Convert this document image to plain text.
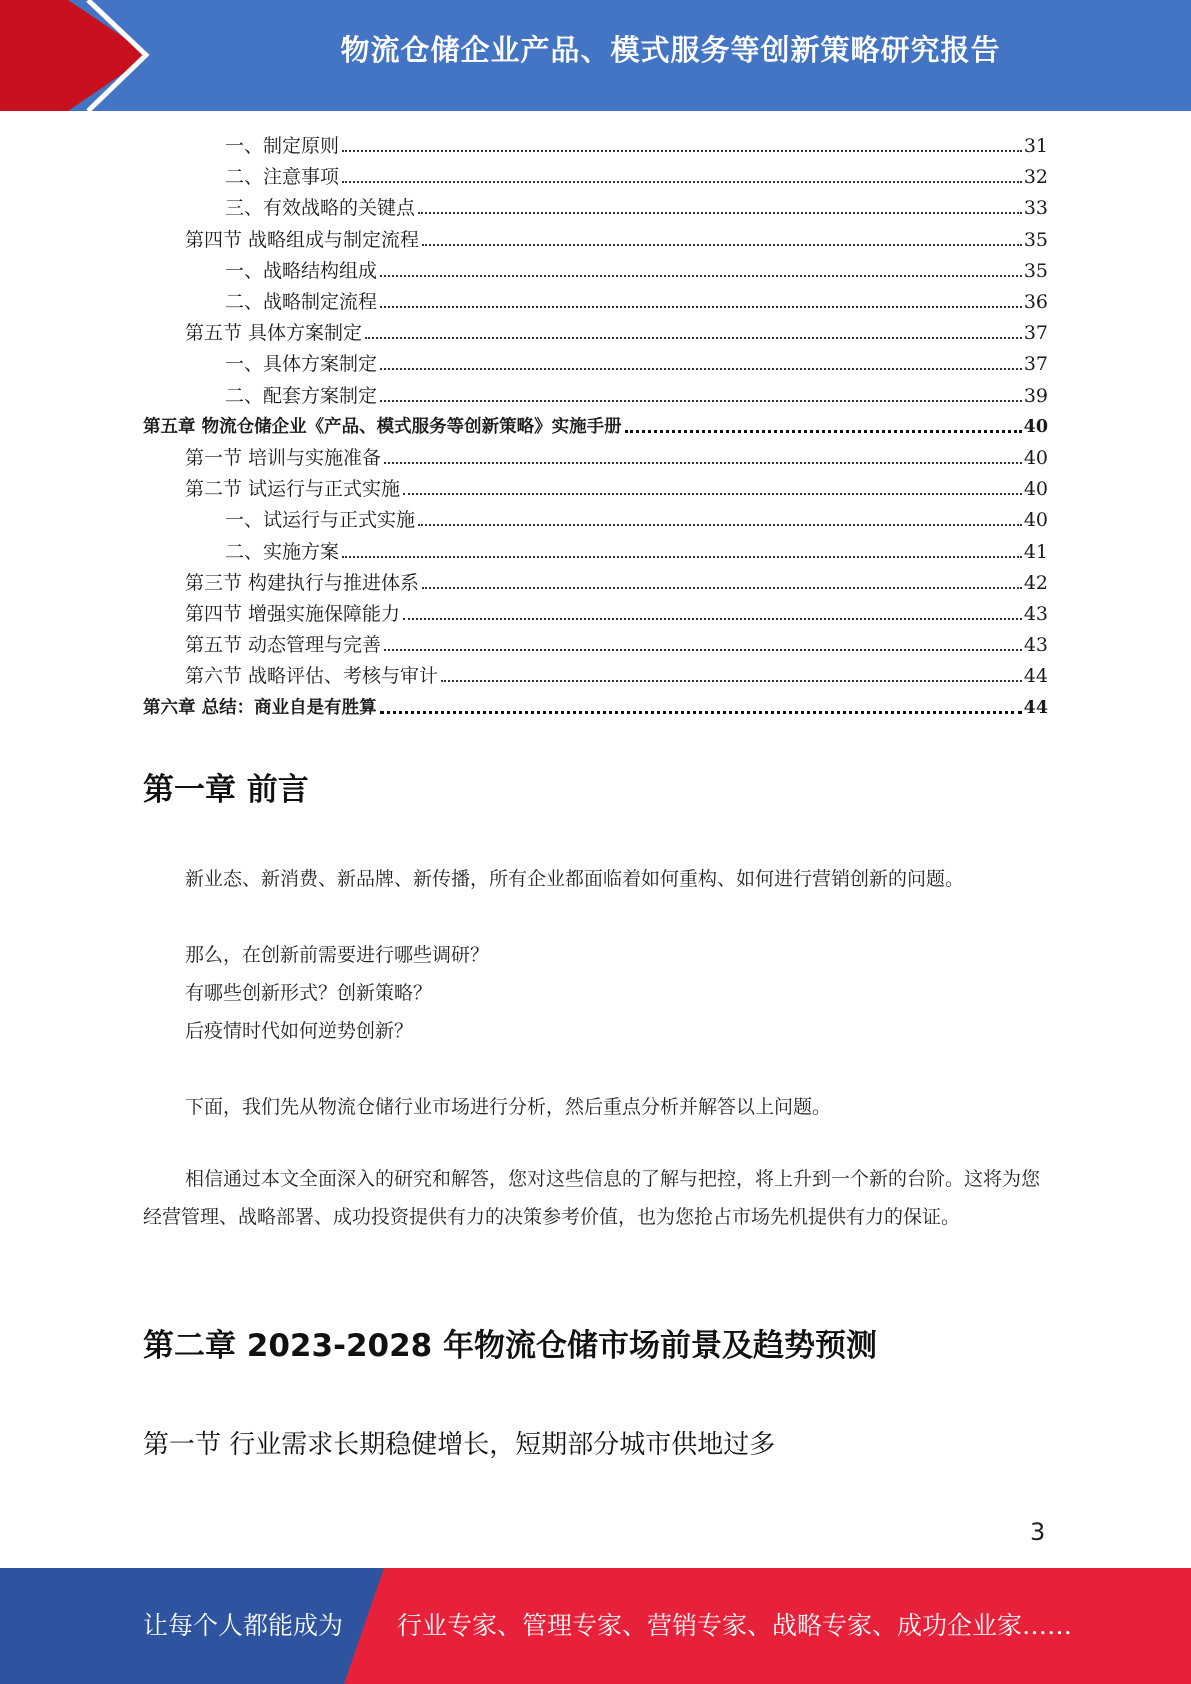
物流仓储企业产品、模式服务等创新策略研究报告
一、制定原则	31
二、注意事项	32
三、有效战略的关键点	33
第四节 战略组成与制定流程	35
一、战略结构组成	35
二、战略制定流程	36
第五节 具体方案制定	37
一、具体方案制定	37
二、配套方案制定	39
第五章 物流仓储企业《产品、模式服务等创新策略》实施手册	40
第一节 培训与实施准备	40
第二节 试运行与正式实施	40
一、试运行与正式实施	40
二、实施方案	41
第三节 构建执行与推进体系	42
第四节 增强实施保障能力	43
第五节 动态管理与完善	43
第六节 战略评估、考核与审计	44
第六章 总结：商业自是有胜算	44
第一章 前言
新业态、新消费、新品牌、新传播，所有企业都面临着如何重构、如何进行营销创新的问题。
那么，在创新前需要进行哪些调研？
有哪些创新形式？创新策略？
后疫情时代如何逆势创新？
下面，我们先从物流仓储行业市场进行分析，然后重点分析并解答以上问题。
相信通过本文全面深入的研究和解答，您对这些信息的了解与把控，将上升到一个新的台阶。这将为您经营管理、战略部署、成功投资提供有力的决策参考价值，也为您抢占市场先机提供有力的保证。
第二章 2023-2028 年物流仓储市场前景及趋势预测
第一节 行业需求长期稳健增长，短期部分城市供地过多
3
让每个人都能成为 行业专家、管理专家、营销专家、战略专家、成功企业家……
